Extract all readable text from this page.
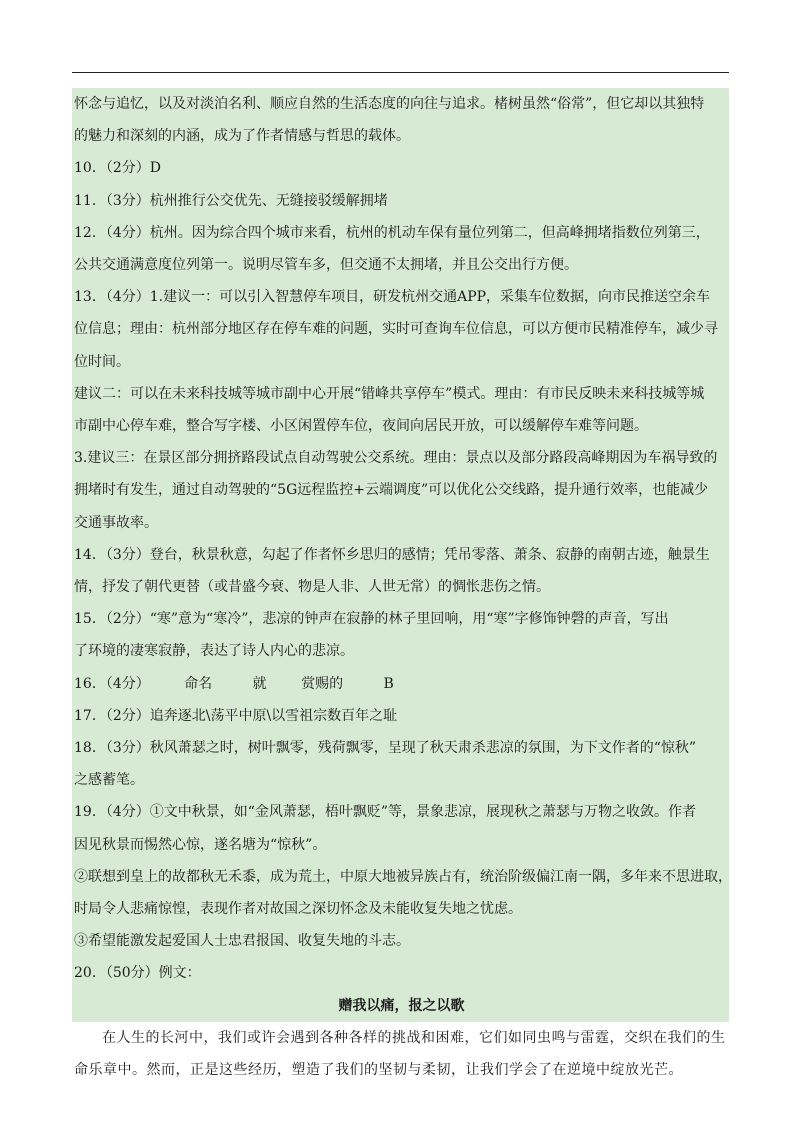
怀念与追忆，以及对淡泊名利、顺应自然的生活态度的向往与追求。楮树虽然“俗常”，但它却以其独特

的魅力和深刻的内涵，成为了作者情感与哲思的载体。

10．（2分）D

11．（3分）杭州推行公交优先、无缝接驳缓解拥堵

12．（4分）杭州。因为综合四个城市来看，杭州的机动车保有量位列第二，但高峰拥堵指数位列第三，

公共交通满意度位列第一。说明尽管车多，但交通不太拥堵，并且公交出行方便。

13．（4分）1.建议一：可以引入智慧停车项目，研发杭州交通APP，采集车位数据，向市民推送空余车

位信息；理由：杭州部分地区存在停车难的问题，实时可查询车位信息，可以方便市民精准停车，减少寻

位时间。

建议二：可以在未来科技城等城市副中心开展“错峰共享停车”模式。理由：有市民反映未来科技城等城

市副中心停车难，整合写字楼、小区闲置停车位，夜间向居民开放，可以缓解停车难等问题。

3.建议三：在景区部分拥挤路段试点自动驾驶公交系统。理由：景点以及部分路段高峰期因为车祸导致的

拥堵时有发生，通过自动驾驶的“5G远程监控+云端调度”可以优化公交线路，提升通行效率，也能减少

交通事故率。

14．（3分）登台，秋景秋意，勾起了作者怀乡思归的感情；凭吊零落、萧条、寂静的南朝古迹，触景生

情，抒发了朝代更替（或昔盛今衰、物是人非、人世无常）的惆怅悲伤之情。

15．（2分）“寒”意为“寒冷”，悲凉的钟声在寂静的林子里回响，用“寒”字修饰钟磬的声音，写出

了环境的凄寒寂静，表达了诗人内心的悲凉。

16．（4分） 命名	就 赏赐的	B

17．（2分）追奔逐北\荡平中原\以雪祖宗数百年之耻

18．（3分）秋风萧瑟之时，树叶飘零，残荷飘零，呈现了秋天肃杀悲凉的氛围，为下文作者的“惊秋”

之感蓄笔。

19．（4分）①文中秋景，如“金风萧瑟，梧叶飘贬”等，景象悲凉，展现秋之萧瑟与万物之收敛。作者

因见秋景而惕然心惊，遂名塘为“惊秋”。

②联想到皇上的故都秋无禾黍，成为荒土，中原大地被异族占有，统治阶级偏江南一隅，多年来不思进取，

时局令人悲痛惊惶，表现作者对故国之深切怀念及未能收复失地之忧虑。

③希望能激发起爱国人士忠君报国、收复失地的斗志。

20．（50分）例文：

赠我以痛，报之以歌

在人生的长河中，我们或许会遇到各种各样的挑战和困难，它们如同虫鸣与雷霆，交织在我们的生

命乐章中。然而，正是这些经历，塑造了我们的坚韧与柔韧，让我们学会了在逆境中绽放光芒。
